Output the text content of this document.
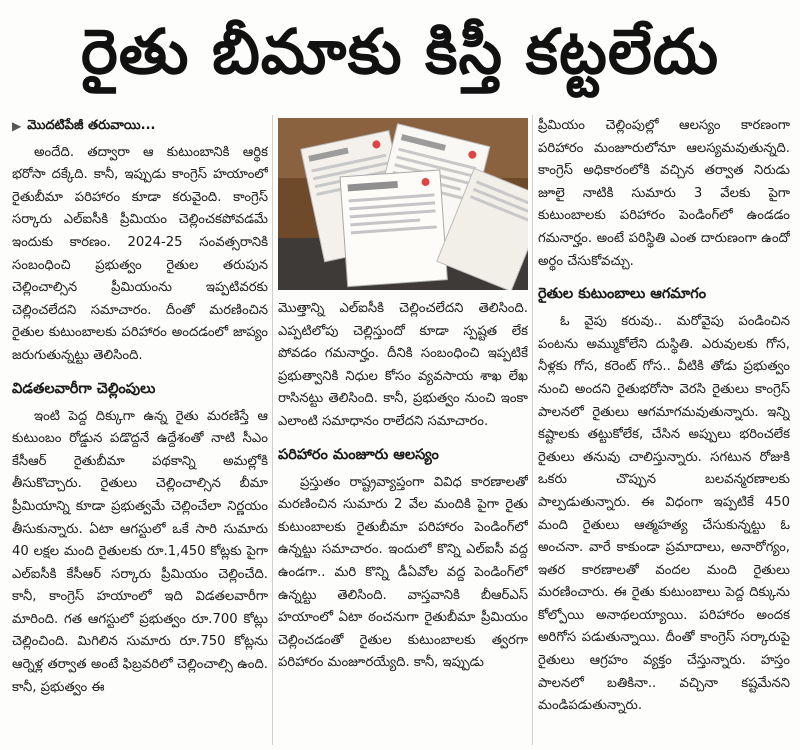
రైతు బీమాకు కిస్తీ కట్టలేదు
▶ మొదటిపేజీ తరువాయి...

అందేది. తద్వారా ఆ కుటుంబానికి ఆర్థిక భరోసా దక్కేది. కానీ, ఇప్పుడు కాంగ్రెస్ హయాంలో రైతుబీమా పరిహారం కూడా కరువైంది. కాంగ్రెస్ సర్కారు ఎల్ఐసీకి ప్రీమియం చెల్లించకపోవడమే ఇందుకు కారణం. 2024-25 సంవత్సరానికి సంబంధించి ప్రభుత్వం రైతుల తరుపున చెల్లించాల్సిన ప్రీమియంను ఇప్పటివరకు చెల్లించలేదని సమాచారం. దీంతో మరణించిన రైతుల కుటుంబాలకు పరిహారం అందడంలో జాప్యం జరుగుతున్నట్టు తెలిసింది.

విడతలవారీగా చెల్లింపులు

ఇంటి పెద్ద దిక్కుగా ఉన్న రైతు మరణిస్తే ఆ కుటుంబం రోడ్డున పడొద్దనే ఉద్దేశంతో నాటి సీఎం కేసీఆర్ రైతుబీమా పథకాన్ని అమల్లోకి తీసుకొచ్చారు. రైతులు చెల్లించాల్సిన బీమా ప్రీమియాన్ని కూడా ప్రభుత్వమే చెల్లించేలా నిర్ణయం తీసుకున్నారు. ఏటా ఆగస్టులో ఒకే సారి సుమారు 40 లక్షల మంది రైతులకు రూ.1,450 కోట్లకు పైగా ఎల్ఐసీకి కేసీఆర్ సర్కారు ప్రీమియం చెల్లించేది. కానీ, కాంగ్రెస్ హయాంలో ఇది విడతలవారీగా మారింది. గత ఆగస్టులో ప్రభుత్వం రూ.700 కోట్లు చెల్లించింది. మిగిలిన సుమారు రూ.750 కోట్లను ఆర్నెళ్ల తర్వాత అంటే ఫిబ్రవరిలో చెల్లించాల్సి ఉంది. కానీ, ప్రభుత్వం ఈ

మొత్తాన్ని ఎల్ఐసీకి చెల్లించలేదని తెలిసింది. ఎప్పటిలోపు చెల్లిస్తుందో కూడా స్పష్టత లేక పోవడం గమనార్హం. దీనికి సంబంధించి ఇప్పటికే ప్రభుత్వానికి నిధుల కోసం వ్యవసాయ శాఖ లేఖ రాసినట్టు తెలిసింది. కానీ, ప్రభుత్వం నుంచి ఇంకా ఎలాంటి సమాధానం రాలేదని సమాచారం.

పరిహారం మంజూరు ఆలస్యం

ప్రస్తుతం రాష్ట్రవ్యాప్తంగా వివిధ కారణాలతో మరణించిన సుమారు 2 వేల మందికి పైగా రైతు కుటుంబాలకు రైతుబీమా పరిహారం పెండింగ్‌లో ఉన్నట్టు సమాచారం. ఇందులో కొన్ని ఎల్ఐసీ వద్ద ఉండగా.. మరి కొన్ని డీఏవోల వద్ద పెండింగ్‌లో ఉన్నట్టు తెలిసింది. వాస్తవానికి బీఆర్ఎస్ హయాంలో ఏటా ఠంచనుగా రైతుబీమా ప్రీమియం చెల్లించడంతో రైతుల కుటుంబాలకు త్వరగా పరిహారం మంజూరయ్యేది. కానీ, ఇప్పుడు

ప్రీమియం చెల్లింపుల్లో ఆలస్యం కారణంగా పరిహారం మంజూరులోనూ ఆలస్యమవుతున్నది. కాంగ్రెస్ అధికారంలోకి వచ్చిన తర్వాత నిరుడు జూలై నాటికి సుమారు 3 వేలకు పైగా కుటుంబాలకు పరిహారం పెండింగ్‌లో ఉండడం గమనార్హం. అంటే పరిస్థితి ఎంత దారుణంగా ఉందో అర్థం చేసుకోవచ్చు.

రైతుల కుటుంబాలు ఆగమాగం

ఓ వైపు కరువు.. మరోవైపు పండించిన పంటను అమ్ముకోలేని దుస్థితి. ఎరువులకు గోస, నీళ్లకు గోస, కరెంట్ గోస.. వీటికి తోడు ప్రభుత్వం నుంచి అందని రైతుభరోసా వెరసి రైతులు కాంగ్రెస్ పాలనలో రైతులు ఆగమాగమవుతున్నారు. ఇన్ని కష్టాలకు తట్టుకోలేక, చేసిన అప్పులు భరించలేక రైతులు తనువు చాలిస్తున్నారు. సగటున రోజుకి ఒకరు చొప్పున బలవన్మరణాలకు పాల్పడుతున్నారు. ఈ విధంగా ఇప్పటికే 450 మంది రైతులు ఆత్మహత్య చేసుకున్నట్టు ఓ అంచనా. వారే కాకుండా ప్రమాదాలు, అనారోగ్యం, ఇతర కారణాలతో వందల మంది రైతులు మరణించారు. ఈ రైతు కుటుంబాలు పెద్ద దిక్కును కోల్పోయి అనాథలయ్యాయి. పరిహారం అందక అరిగోస పడుతున్నాయి. దీంతో కాంగ్రెస్ సర్కారుపై రైతులు ఆగ్రహం వ్యక్తం చేస్తున్నారు. హస్తం పాలనలో బతికినా.. వచ్చినా కష్టమేనని మండిపడుతున్నారు.
